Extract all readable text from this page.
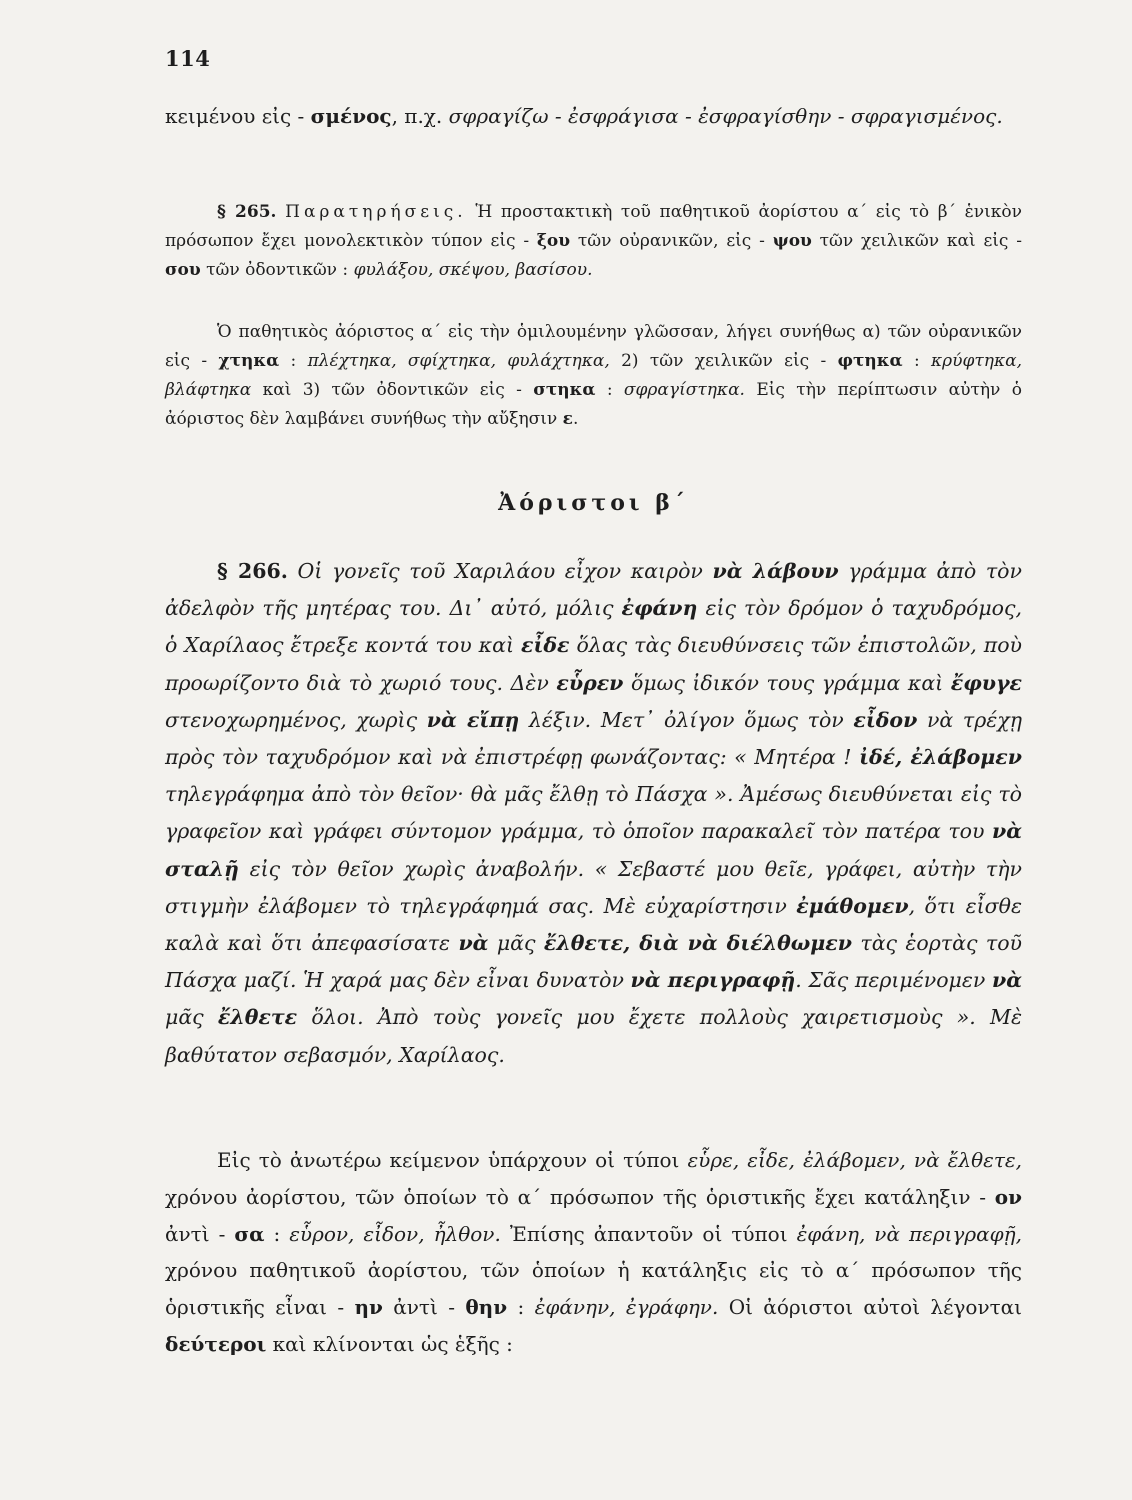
114

κειμένου εἰς - σμένος, π.χ. σφραγίζω - ἐσφράγισα - ἐσφραγίσθην - σφραγισμένος.

§ 265. Παρατηρήσεις. Ἡ προστακτικὴ τοῦ παθητικοῦ ἀορίστου α΄ εἰς τὸ β΄ ἑνικὸν πρόσωπον ἔχει μονολεκτικὸν τύπον εἰς - ξου τῶν οὐρανικῶν, εἰς - ψου τῶν χειλικῶν καὶ εἰς - σου τῶν ὀδοντικῶν : φυλάξου, σκέψου, βασίσου.

Ὁ παθητικὸς ἀόριστος α΄ εἰς τὴν ὁμιλουμένην γλῶσσαν, λήγει συνήθως α) τῶν οὐρανικῶν εἰς - χτηκα : πλέχτηκα, σφίχτηκα, φυλάχτηκα, 2) τῶν χειλικῶν εἰς - φτηκα : κρύφτηκα, βλάφτηκα καὶ 3) τῶν ὀδοντικῶν εἰς - στηκα : σφραγίστηκα. Εἰς τὴν περίπτωσιν αὐτὴν ὁ ἀόριστος δὲν λαμβάνει συνήθως τὴν αὔξησιν ε.

Ἀόριστοι β΄

§ 266. Οἱ γονεῖς τοῦ Χαριλάου εἶχον καιρὸν νὰ λάβουν γράμμα ἀπὸ τὸν ἀδελφὸν τῆς μητέρας του. Δι᾽ αὐτό, μόλις ἐφάνη εἰς τὸν δρόμον ὁ ταχυδρόμος, ὁ Χαρίλαος ἔτρεξε κοντά του καὶ εἶδε ὅλας τὰς διευθύνσεις τῶν ἐπιστολῶν, ποὺ προωρίζοντο διὰ τὸ χωριό τους. Δὲν εὗρεν ὅμως ἰδικόν τους γράμμα καὶ ἔφυγε στενοχωρημένος, χωρὶς νὰ εἴπῃ λέξιν. Μετ᾽ ὀλίγον ὅμως τὸν εἶδον νὰ τρέχῃ πρὸς τὸν ταχυδρόμον καὶ νὰ ἐπιστρέφῃ φωνάζοντας: « Μητέρα ! ἰδέ, ἐλάβομεν τηλεγράφημα ἀπὸ τὸν θεῖον· θὰ μᾶς ἔλθῃ τὸ Πάσχα ». Ἀμέσως διευθύνεται εἰς τὸ γραφεῖον καὶ γράφει σύντομον γράμμα, τὸ ὁποῖον παρακαλεῖ τὸν πατέρα του νὰ σταλῇ εἰς τὸν θεῖον χωρὶς ἀναβολήν. « Σεβαστέ μου θεῖε, γράφει, αὐτὴν τὴν στιγμὴν ἐλάβομεν τὸ τηλεγράφημά σας. Μὲ εὐχαρίστησιν ἐμάθομεν, ὅτι εἶσθε καλὰ καὶ ὅτι ἀπεφασίσατε νὰ μᾶς ἔλθετε, διὰ νὰ διέλθωμεν τὰς ἑορτὰς τοῦ Πάσχα μαζί. Ἡ χαρά μας δὲν εἶναι δυνατὸν νὰ περιγραφῇ. Σᾶς περιμένομεν νὰ μᾶς ἔλθετε ὅλοι. Ἀπὸ τοὺς γονεῖς μου ἔχετε πολλοὺς χαιρετισμοὺς ». Μὲ βαθύτατον σεβασμόν, Χαρίλαος.

Εἰς τὸ ἀνωτέρω κείμενον ὑπάρχουν οἱ τύποι εὗρε, εἶδε, ἐλάβομεν, νὰ ἔλθετε, χρόνου ἀορίστου, τῶν ὁποίων τὸ α΄ πρόσωπον τῆς ὁριστικῆς ἔχει κατάληξιν - ον ἀντὶ - σα : εὗρον, εἶδον, ἦλθον. Ἐπίσης ἀπαντοῦν οἱ τύποι ἐφάνη, νὰ περιγραφῇ, χρόνου παθητικοῦ ἀορίστου, τῶν ὁποίων ἡ κατάληξις εἰς τὸ α΄ πρόσωπον τῆς ὁριστικῆς εἶναι - ην ἀντὶ - θην : ἐφάνην, ἐγράφην. Οἱ ἀόριστοι αὐτοὶ λέγονται δεύτεροι καὶ κλίνονται ὡς ἑξῆς :
